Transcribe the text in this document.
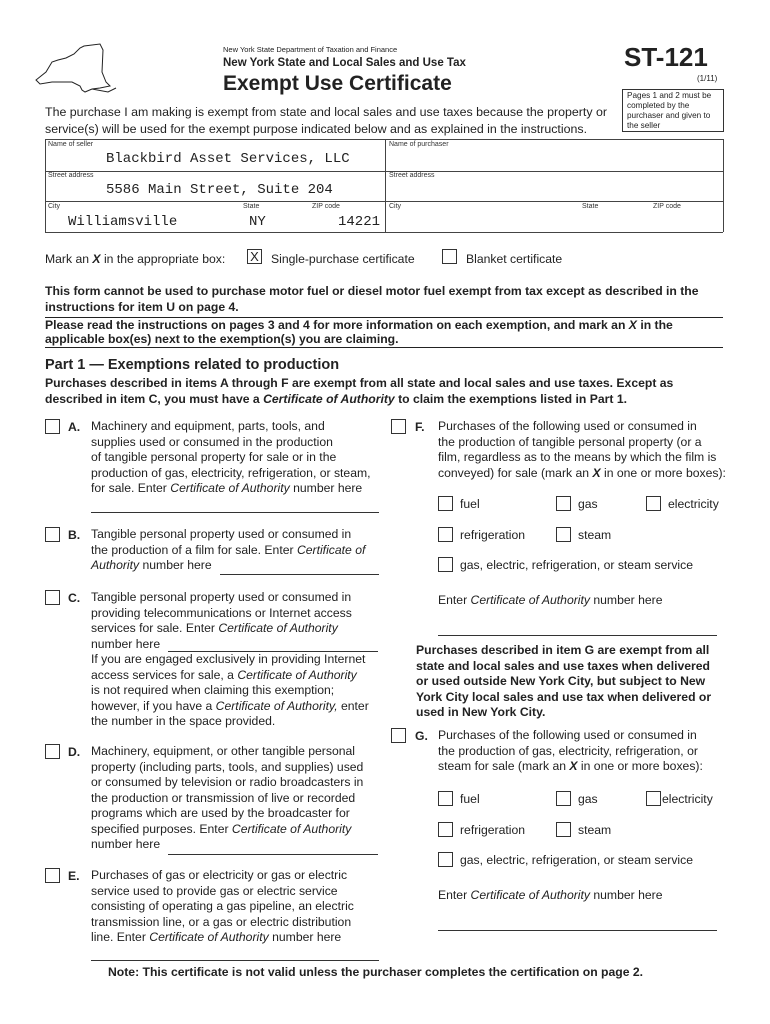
New York State Department of Taxation and Finance
New York State and Local Sales and Use Tax
Exempt Use Certificate
ST-121
(1/11)
Pages 1 and 2 must be completed by the purchaser and given to the seller
The purchase I am making is exempt from state and local sales and use taxes because the property or service(s) will be used for the exempt purpose indicated below and as explained in the instructions.
Name of seller
Blackbird Asset Services, LLC
Street address
5586 Main Street, Suite 204
City	State	ZIP code
Williamsville	NY	14221
Name of purchaser
Street address
City	State	ZIP code
Mark an X in the appropriate box: X Single-purchase certificate	Blanket certificate
This form cannot be used to purchase motor fuel or diesel motor fuel exempt from tax except as described in the instructions for item U on page 4.
Please read the instructions on pages 3 and 4 for more information on each exemption, and mark an X in the applicable box(es) next to the exemption(s) you are claiming.
Part 1 — Exemptions related to production
Purchases described in items A through F are exempt from all state and local sales and use taxes. Except as described in item C, you must have a Certificate of Authority to claim the exemptions listed in Part 1.
A. Machinery and equipment, parts, tools, and
supplies used or consumed in the production
of tangible personal property for sale or in the
production of gas, electricity, refrigeration, or steam,
for sale. Enter Certificate of Authority number here
B. Tangible personal property used or consumed in
the production of a film for sale. Enter Certificate of
Authority number here
C. Tangible personal property used or consumed in
providing telecommunications or Internet access
services for sale. Enter Certificate of Authority
number here
If you are engaged exclusively in providing Internet
access services for sale, a Certificate of Authority
is not required when claiming this exemption;
however, if you have a Certificate of Authority, enter
the number in the space provided.
D. Machinery, equipment, or other tangible personal
property (including parts, tools, and supplies) used
or consumed by television or radio broadcasters in
the production or transmission of live or recorded
programs which are used by the broadcaster for
specified purposes. Enter Certificate of Authority
number here
E. Purchases of gas or electricity or gas or electric
service used to provide gas or electric service
consisting of operating a gas pipeline, an electric
transmission line, or a gas or electric distribution
line. Enter Certificate of Authority number here
F. Purchases of the following used or consumed in
the production of tangible personal property (or a
film, regardless as to the means by which the film is
conveyed) for sale (mark an X in one or more boxes):
fuel	gas	electricity
refrigeration	steam
gas, electric, refrigeration, or steam service
Enter Certificate of Authority number here
Purchases described in item G are exempt from all state and local sales and use taxes when delivered or used outside New York City, but subject to New York City local sales and use tax when delivered or used in New York City.
G. Purchases of the following used or consumed in
the production of gas, electricity, refrigeration, or
steam for sale (mark an X in one or more boxes):
fuel	gas	electricity
refrigeration	steam
gas, electric, refrigeration, or steam service
Enter Certificate of Authority number here
Note: This certificate is not valid unless the purchaser completes the certification on page 2.
